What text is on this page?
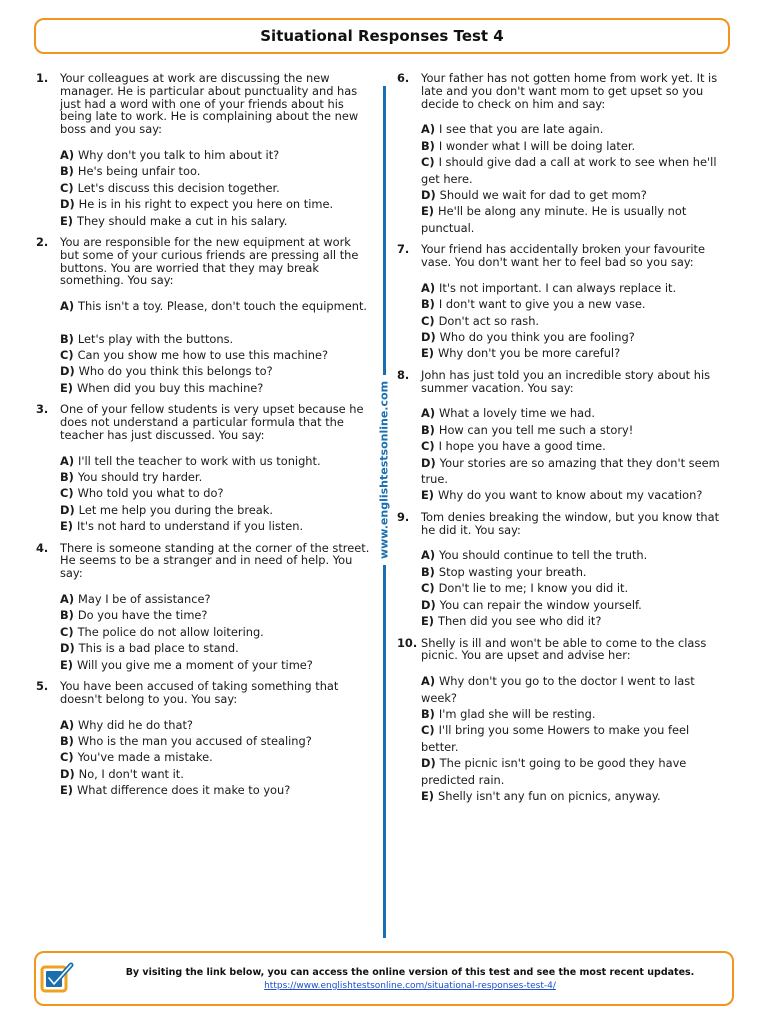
Situational Responses Test 4
1.	Your colleagues at work are discussing the new manager. He is particular about punctuality and has just had a word with one of your friends about his being late to work. He is complaining about the new boss and you say:
A) Why don't you talk to him about it?
B) He's being unfair too.
C) Let's discuss this decision together.
D) He is in his right to expect you here on time.
E) They should make a cut in his salary.
2.	You are responsible for the new equipment at work but some of your curious friends are pressing all the buttons. You are worried that they may break something. You say:
A) This isn't a toy. Please, don't touch the equipment.
B) Let's play with the buttons.
C) Can you show me how to use this machine?
D) Who do you think this belongs to?
E) When did you buy this machine?
3.	One of your fellow students is very upset because he does not understand a particular formula that the teacher has just discussed. You say:
A) I'll tell the teacher to work with us tonight.
B) You should try harder.
C) Who told you what to do?
D) Let me help you during the break.
E) It's not hard to understand if you listen.
4.	There is someone standing at the corner of the street. He seems to be a stranger and in need of help. You say:
A) May I be of assistance?
B) Do you have the time?
C) The police do not allow loitering.
D) This is a bad place to stand.
E) Will you give me a moment of your time?
5.	You have been accused of taking something that doesn't belong to you. You say:
A) Why did he do that?
B) Who is the man you accused of stealing?
C) You've made a mistake.
D) No, I don't want it.
E) What difference does it make to you?
www.englishtestsonline.com
6.	Your father has not gotten home from work yet. It is late and you don't want mom to get upset so you decide to check on him and say:
A) I see that you are late again.
B) I wonder what I will be doing later.
C) I should give dad a call at work to see when he'll get here.
D) Should we wait for dad to get mom?
E) He'll be along any minute. He is usually not punctual.
7.	Your friend has accidentally broken your favourite vase. You don't want her to feel bad so you say:
A) It's not important. I can always replace it.
B) I don't want to give you a new vase.
C) Don't act so rash.
D) Who do you think you are fooling?
E) Why don't you be more careful?
8.	John has just told you an incredible story about his summer vacation. You say:
A) What a lovely time we had.
B) How can you tell me such a story!
C) I hope you have a good time.
D) Your stories are so amazing that they don't seem true.
E) Why do you want to know about my vacation?
9.	Tom denies breaking the window, but you know that he did it. You say:
A) You should continue to tell the truth.
B) Stop wasting your breath.
C) Don't lie to me; I know you did it.
D) You can repair the window yourself.
E) Then did you see who did it?
10. Shelly is ill and won't be able to come to the class picnic. You are upset and advise her:
A) Why don't you go to the doctor I went to last week?
B) I'm glad she will be resting.
C) I'll bring you some Howers to make you feel better.
D) The picnic isn't going to be good they have predicted rain.
E) Shelly isn't any fun on picnics, anyway.
By visiting the link below, you can access the online version of this test and see the most recent updates.
https://www.englishtestsonline.com/situational-responses-test-4/
